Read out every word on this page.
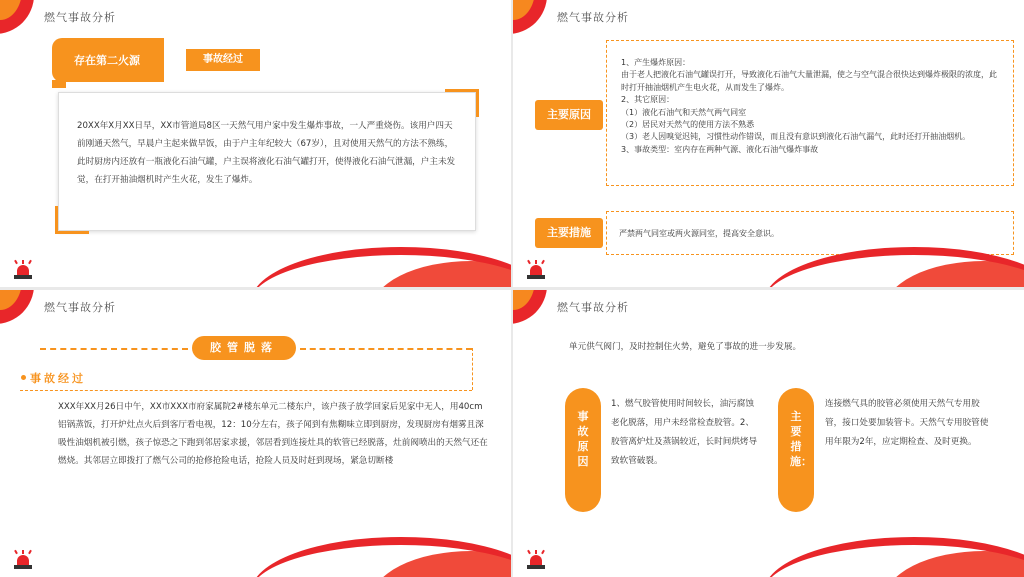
燃气事故分析
存在第二火源	事故经过
20XX年X月XX日早，XX市管道局8区一天然气用户家中发生爆炸事故，一人严重烧伤。该用户四天前刚通天然气，早晨户主起来做早饭，由于户主年纪较大（67岁），且对使用天然气的方法不熟练，此时厨房内还放有一瓶液化石油气罐，户主误将液化石油气罐打开，使得液化石油气泄漏，户主未发觉，在打开抽油烟机时产生火花，发生了爆炸。
燃气事故分析
主要原因
1、产生爆炸原因：
由于老人把液化石油气罐误打开，导致液化石油气大量泄漏，使之与空气混合很快达到爆炸极限的浓度，此时打开抽油烟机产生电火花，从而发生了爆炸。
2、其它原因：
（1）液化石油气和天然气两气同室
（2）居民对天然气的使用方法不熟悉
（3）老人因嗅觉迟钝，习惯性动作错误，而且没有意识到液化石油气漏气，此时还打开抽油烟机。
3、事故类型：室内存在两种气源、液化石油气爆炸事故
主要措施	严禁两气同室或两火源同室，提高安全意识。
燃气事故分析
胶管脱落
事故经过
XXX年XX月26日中午，XX市XXX市府家属院2#楼东单元二楼东户，该户孩子放学回家后见家中无人，用40cm铝锅蒸饭，打开炉灶点火后到客厅看电视，12：10分左右，孩子闻到有焦糊味立即到厨房，发现厨房有烟雾且深吸性油烟机被引燃，孩子惊恐之下跑到邻居家求援，邻居看到连接灶具的软管已经脱落，灶前阀喷出的天然气还在燃烧。其邻居立即拨打了燃气公司的抢修抢险电话，抢险人员及时赶到现场，紧急切断楼
燃气事故分析
单元供气阀门，及时控制住火势，避免了事故的进一步发展。
事故原因
1、燃气胶管使用时间较长，油污腐蚀老化脱落，用户未经常检查胶管。2、胶管离炉灶及蒸锅较近，长时间烘烤导致软管破裂。
主要措施：
连接燃气具的胶管必须使用天然气专用胶管，接口处要加装管卡。天然气专用胶管使用年限为2年，应定期检查、及时更换。
